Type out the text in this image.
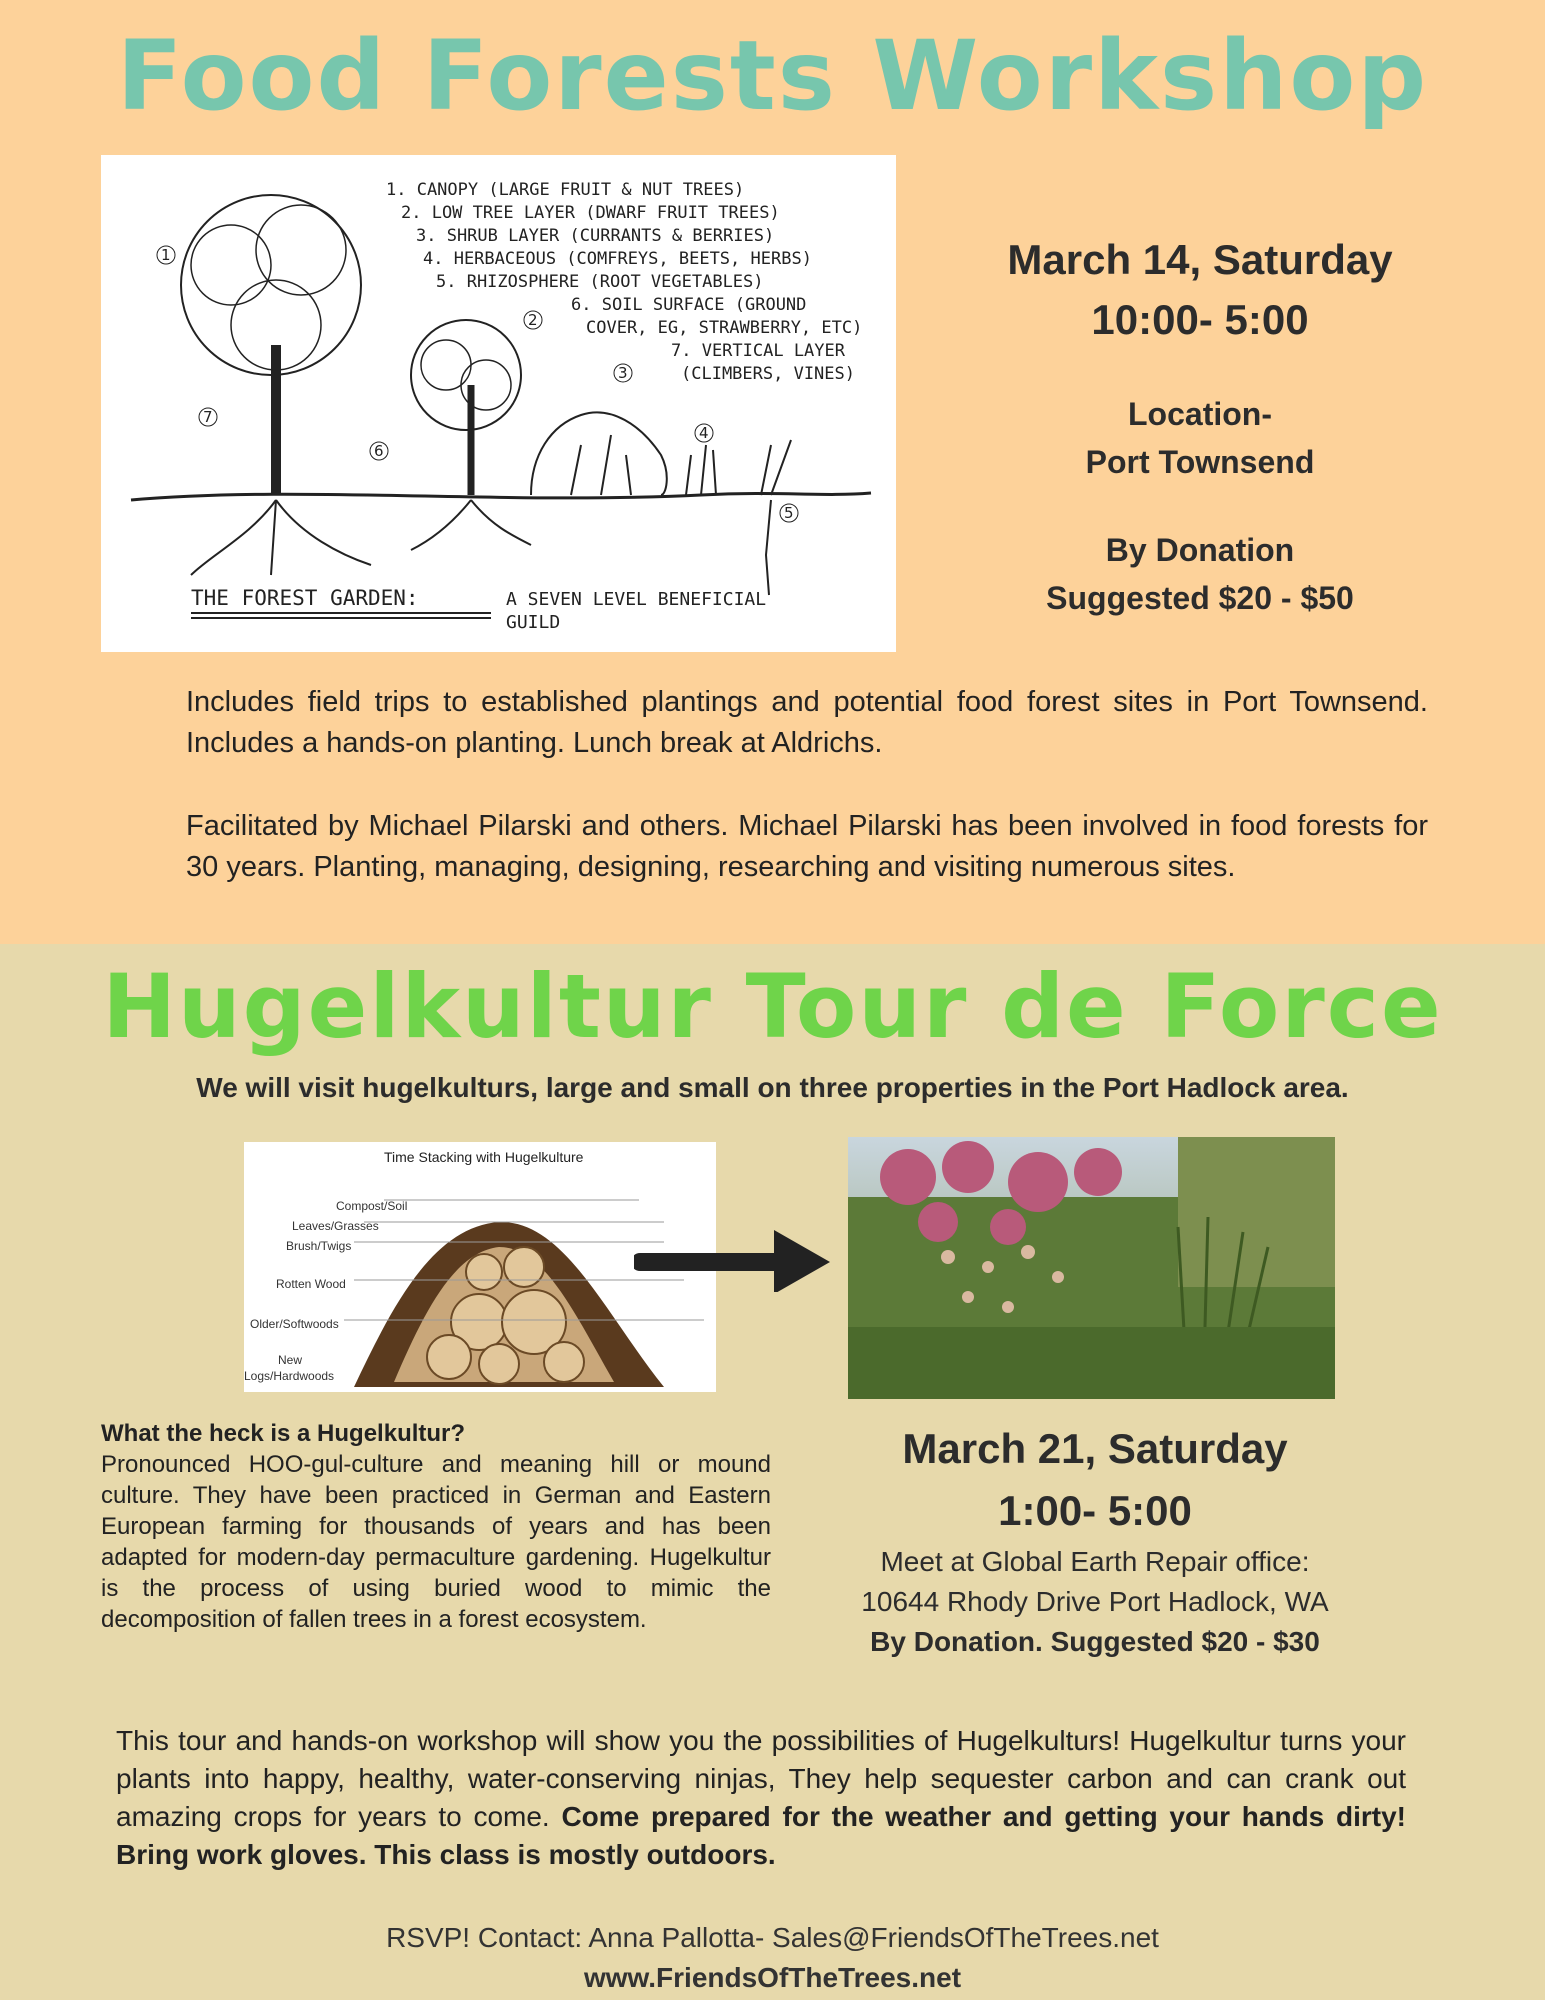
Food Forests Workshop
1. CANOPY (LARGE FRUIT & NUT TREES)
2. LOW TREE LAYER (DWARF FRUIT TREES)
3. SHRUB LAYER (CURRANTS & BERRIES)
4. HERBACEOUS (COMFREYS, BEETS, HERBS)
5. RHIZOSPHERE (ROOT VEGETABLES)
6. SOIL SURFACE (GROUND
COVER, EG, STRAWBERRY, ETC)
7. VERTICAL LAYER
(CLIMBERS, VINES)
1
2
3
4
5
6
7
THE FOREST GARDEN:	A SEVEN LEVEL BENEFICIAL
GUILD
March 14, Saturday
10:00- 5:00
Location-
Port Townsend
By Donation
Suggested $20 - $50
Includes field trips to established plantings and potential food forest sites in Port Townsend. Includes a hands-on planting. Lunch break at Aldrichs.
Facilitated by Michael Pilarski and others. Michael Pilarski has been involved in food forests for 30 years. Planting, managing, designing, researching and visiting numerous sites.
Hugelkultur Tour de Force
We will visit hugelkulturs, large and small on three properties in the Port Hadlock area.
Time Stacking with Hugelkulture
Compost/Soil
Leaves/Grasses
Brush/Twigs
Rotten Wood
Older/Softwoods
New
Logs/Hardwoods
What the heck is a Hugelkultur?
Pronounced HOO-gul-culture and meaning hill or mound culture. They have been practiced in German and Eastern European farming for thousands of years and has been adapted for modern-day permaculture gardening. Hugelkultur is the process of using buried wood to mimic the decomposition of fallen trees in a forest ecosystem.
March 21, Saturday
1:00- 5:00
Meet at Global Earth Repair office:
10644 Rhody Drive Port Hadlock, WA
By Donation. Suggested $20 - $30
This tour and hands-on workshop will show you the possibilities of Hugelkulturs! Hugelkultur turns your plants into happy, healthy, water-conserving ninjas, They help sequester carbon and can crank out amazing crops for years to come. Come prepared for the weather and getting your hands dirty! Bring work gloves. This class is mostly outdoors.
RSVP! Contact: Anna Pallotta- Sales@FriendsOfTheTrees.net
www.FriendsOfTheTrees.net
